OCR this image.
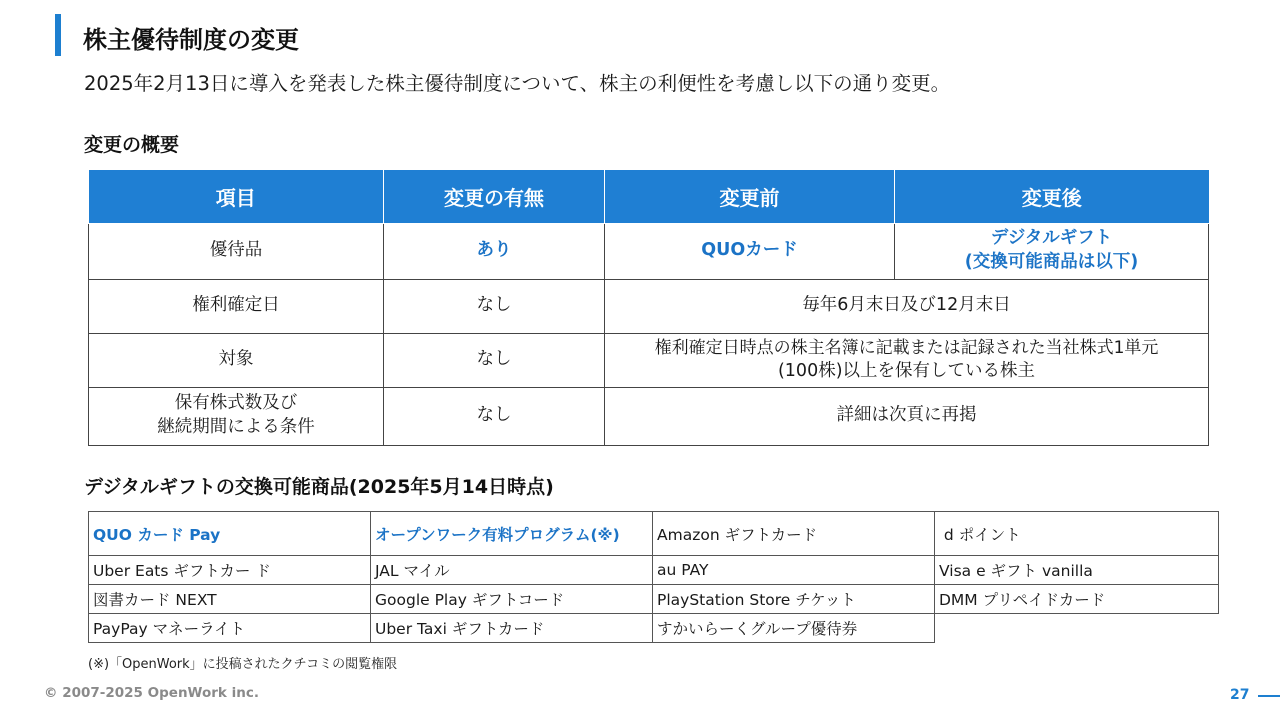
株主優待制度の変更

2025年2月13日に導入を発表した株主優待制度について、株主の利便性を考慮し以下の通り変更。

変更の概要
項目	変更の有無	変更前	変更後
優待品	あり	QUOカード	デジタルギフト
(交換可能商品は以下)

権利確定日	なし	毎年6月末日及び12月末日	
対象	なし	権利確定日時点の株主名簿に記載または記録された当社株式1単元
(100株)以上を保有している株主	

保有株式数及び
継続期間による条件	なし	詳細は次頁に再掲	
デジタルギフトの交換可能商品(2025年5月14日時点)
QUO カード Pay	オープンワーク有料プログラム(※)	Amazon ギフトカード	d ポイント
Uber Eats ギフトカー ド	JAL マイル	au PAY	Visa e ギフト vanilla
図書カード NEXT	Google Play ギフトコード	PlayStation Store チケット	DMM プリペイドカード
PayPay マネーライト	Uber Taxi ギフトカード	すかいらーくグループ優待券	

(※)「OpenWork」に投稿されたクチコミの閲覧権限

© 2007-2025 OpenWork inc.	27
